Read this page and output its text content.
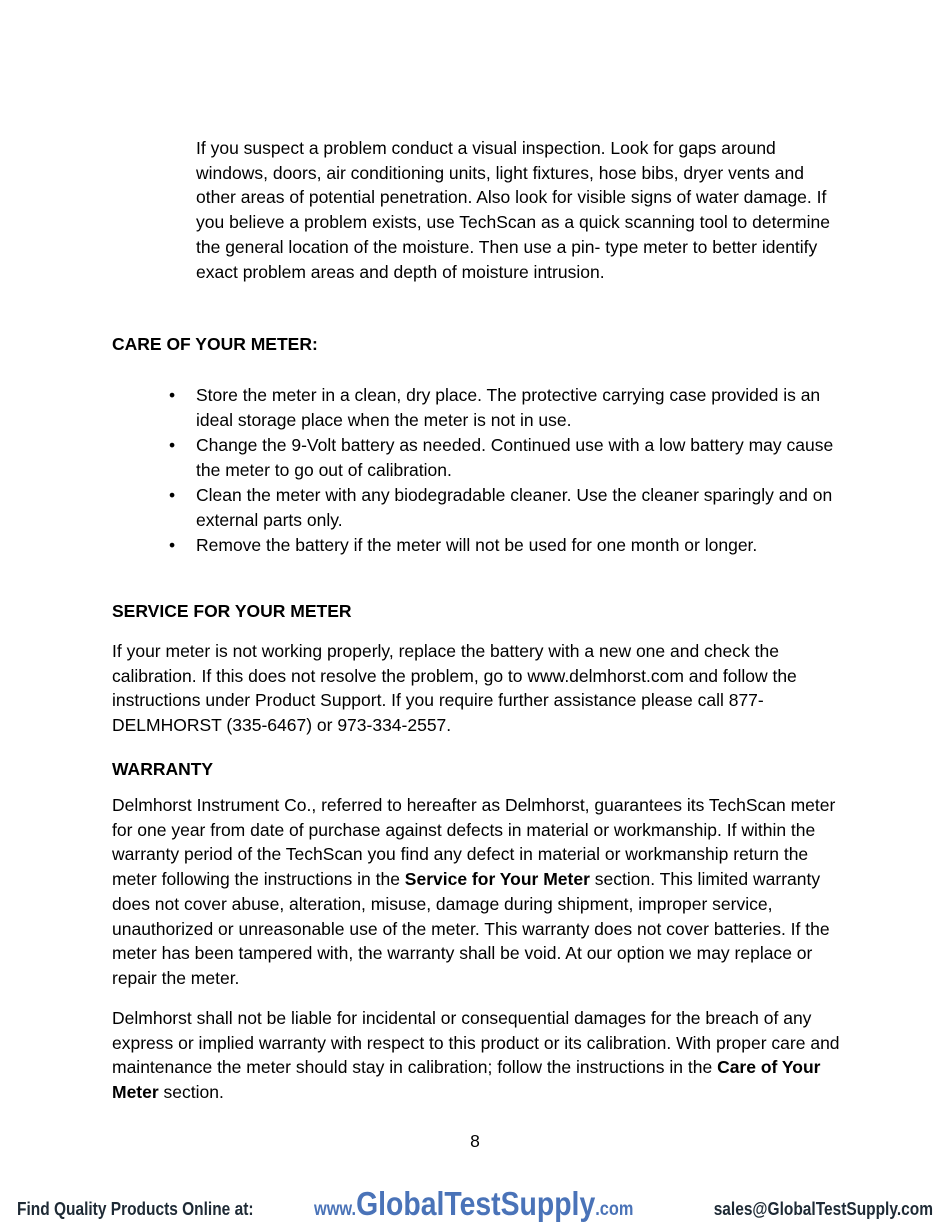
If you suspect a problem conduct a visual inspection. Look for gaps around windows, doors, air conditioning units, light fixtures, hose bibs, dryer vents and other areas of potential penetration. Also look for visible signs of water damage. If you believe a problem exists, use TechScan as a quick scanning tool to determine the general location of the moisture. Then use a pin- type meter to better identify exact problem areas and depth of moisture intrusion.

CARE OF YOUR METER:

• Store the meter in a clean, dry place. The protective carrying case provided is an ideal storage place when the meter is not in use.
• Change the 9-Volt battery as needed. Continued use with a low battery may cause the meter to go out of calibration.
• Clean the meter with any biodegradable cleaner. Use the cleaner sparingly and on external parts only.
• Remove the battery if the meter will not be used for one month or longer.

SERVICE FOR YOUR METER

If your meter is not working properly, replace the battery with a new one and check the calibration. If this does not resolve the problem, go to www.delmhorst.com and follow the instructions under Product Support. If you require further assistance please call 877-DELMHORST (335-6467) or 973-334-2557.

WARRANTY

Delmhorst Instrument Co., referred to hereafter as Delmhorst, guarantees its TechScan meter for one year from date of purchase against defects in material or workmanship. If within the warranty period of the TechScan you find any defect in material or workmanship return the meter following the instructions in the Service for Your Meter section. This limited warranty does not cover abuse, alteration, misuse, damage during shipment, improper service, unauthorized or unreasonable use of the meter. This warranty does not cover batteries. If the meter has been tampered with, the warranty shall be void. At our option we may replace or repair the meter.

Delmhorst shall not be liable for incidental or consequential damages for the breach of any express or implied warranty with respect to this product or its calibration. With proper care and maintenance the meter should stay in calibration; follow the instructions in the Care of Your Meter section.

8
Find Quality Products Online at:	www.GlobalTestSupply.com	sales@GlobalTestSupply.com
